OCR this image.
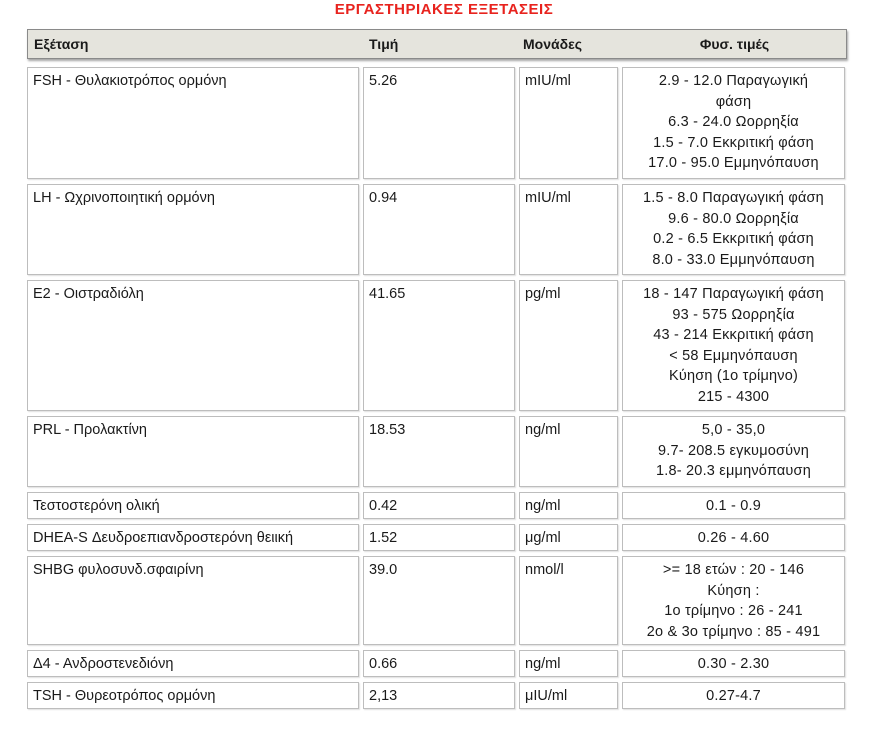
ΕΡΓΑΣΤΗΡΙΑΚΕΣ ΕΞΕΤΑΣΕΙΣ
Εξέταση	Τιμή	Μονάδες	Φυσ. τιμές
FSH - Θυλακιοτρόπος ορμόνη	5.26	mIU/ml	2.9 - 12.0 Παραγωγική
φάση
6.3 - 24.0 Ωορρηξία
1.5 - 7.0 Εκκριτική φάση
17.0 - 95.0 Εμμηνόπαυση
LH - Ωχρινοποιητική ορμόνη	0.94	mIU/ml	1.5 - 8.0 Παραγωγική φάση
9.6 - 80.0 Ωορρηξία
0.2 - 6.5 Εκκριτική φάση
8.0 - 33.0 Εμμηνόπαυση
E2 - Οιστραδιόλη	41.65	pg/ml	18 - 147 Παραγωγική φάση
93 - 575 Ωορρηξία
43 - 214 Εκκριτική φάση
< 58 Εμμηνόπαυση
Κύηση (1ο τρίμηνο)
215 - 4300
PRL - Προλακτίνη	18.53	ng/ml	5,0 - 35,0
9.7- 208.5 εγκυμοσύνη
1.8- 20.3 εμμηνόπαυση
Τεστοστερόνη ολική	0.42	ng/ml	0.1 - 0.9
DHEA-S Δευδροεπιανδροστερόνη θειική	1.52	μg/ml	0.26 - 4.60
SHBG φυλοσυνδ.σφαιρίνη	39.0	nmol/l	>= 18 ετών : 20 - 146
Κύηση :
1ο τρίμηνο : 26 - 241
2ο & 3ο τρίμηνο : 85 - 491
Δ4 - Ανδροστενεδιόνη	0.66	ng/ml	0.30 - 2.30
TSH - Θυρεοτρόπος ορμόνη	2,13	μIU/ml	0.27-4.7
